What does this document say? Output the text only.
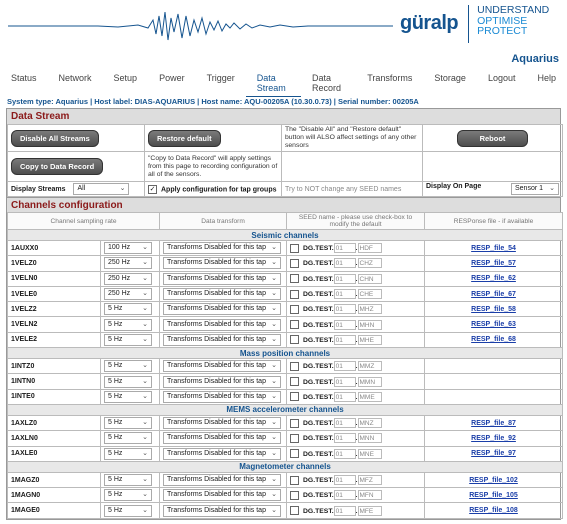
güralp
UNDERSTAND
OPTIMISE
PROTECT
Aquarius
Status	Network	Setup	Power	Trigger	Data Stream
Data Record
Transforms	Storage	Logout	Help
System type: Aquarius | Host label: DIAS-AQUARIUS | Host name: AQU-00205A (10.30.0.73) | Serial number: 00205A
Data Stream
Disable All Streams	Restore default	The "Disable All" and "Restore default" button will ALSO affect settings of any other sensors	Reboot
Copy to Data Record	"Copy to Data Record" will apply settings from this page to recording configuration of all of the sensors.		
Display Streams All ⌄	✓ Apply configuration for tap groups	Try to NOT change any SEED names	Display On Page Sensor 1 ⌄
Channels configuration
Channel sampling rate		Data transform	SEED name - please use check-box to modify the default	RESPonse file - if available
Seismic channels				
1AUXX0	100 Hz ⌄	Transforms Disabled for this tap ⌄	DG.TEST. 01 . HDF	RESP_file_54
1VELZ0	250 Hz ⌄	Transforms Disabled for this tap ⌄	DG.TEST. 01 . CHZ	RESP_file_57
1VELN0	250 Hz ⌄	Transforms Disabled for this tap ⌄	DG.TEST. 01 . CHN	RESP_file_62
1VELE0	250 Hz ⌄	Transforms Disabled for this tap ⌄	DG.TEST. 01 . CHE	RESP_file_67
1VELZ2	5 Hz ⌄	Transforms Disabled for this tap ⌄	DG.TEST. 01 . MHZ	RESP_file_58
1VELN2	5 Hz ⌄	Transforms Disabled for this tap ⌄	DG.TEST. 01 . MHN	RESP_file_63
1VELE2	5 Hz ⌄	Transforms Disabled for this tap ⌄	DG.TEST. 01 . MHE	RESP_file_68
Mass position channels				
1INTZ0	5 Hz ⌄	Transforms Disabled for this tap ⌄	DG.TEST. 01 . MMZ	
1INTN0	5 Hz ⌄	Transforms Disabled for this tap ⌄	DG.TEST. 01 . MMN	
1INTE0	5 Hz ⌄	Transforms Disabled for this tap ⌄	DG.TEST. 01 . MME	
MEMS accelerometer channels				
1AXLZ0	5 Hz ⌄	Transforms Disabled for this tap ⌄	DG.TEST. 01 . MNZ	RESP_file_87
1AXLN0	5 Hz ⌄	Transforms Disabled for this tap ⌄	DG.TEST. 01 . MNN	RESP_file_92
1AXLE0	5 Hz ⌄	Transforms Disabled for this tap ⌄	DG.TEST. 01 . MNE	RESP_file_97
Magnetometer channels				
1MAGZ0	5 Hz ⌄	Transforms Disabled for this tap ⌄	DG.TEST. 01 . MFZ	RESP_file_102
1MAGN0	5 Hz ⌄	Transforms Disabled for this tap ⌄	DG.TEST. 01 . MFN	RESP_file_105
1MAGE0	5 Hz ⌄	Transforms Disabled for this tap ⌄	DG.TEST. 01 . MFE	RESP_file_108
